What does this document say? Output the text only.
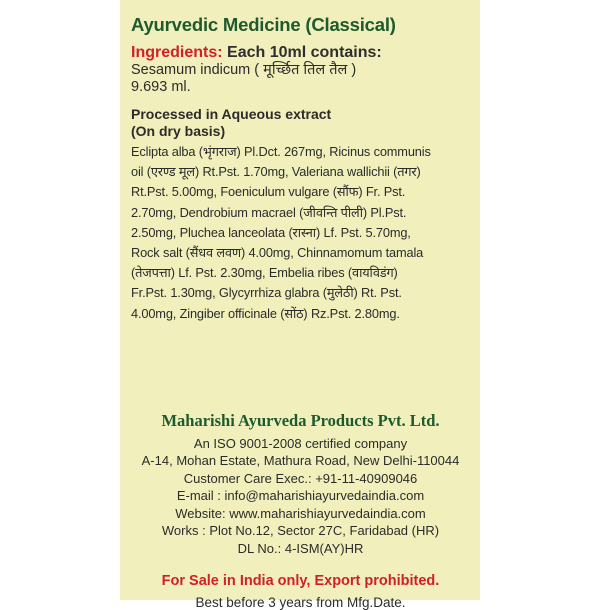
Ayurvedic Medicine (Classical)
Ingredients: Each 10ml contains:
Sesamum indicum ( मूर्च्छित तिल तैल )
9.693 ml.
Processed in Aqueous extract
(On dry basis)
Eclipta alba (भृंगराज) Pl.Dct. 267mg, Ricinus communis
oil (एरण्ड मूल) Rt.Pst. 1.70mg, Valeriana wallichii (तगर)
Rt.Pst. 5.00mg, Foeniculum vulgare (सौंफ) Fr. Pst.
2.70mg, Dendrobium macrael (जीवन्ति पीली) Pl.Pst.
2.50mg, Pluchea lanceolata (रास्ना) Lf. Pst. 5.70mg,
Rock salt (सैंधव लवण) 4.00mg, Chinnamomum tamala
(तेजपत्ता) Lf. Pst. 2.30mg, Embelia ribes (वायविडंग)
Fr.Pst. 1.30mg, Glycyrrhiza glabra (मुलेठी) Rt. Pst.
4.00mg, Zingiber officinale (सोंठ) Rz.Pst. 2.80mg.
Maharishi Ayurveda Products Pvt. Ltd.
An ISO 9001-2008 certified company
A-14, Mohan Estate, Mathura Road, New Delhi-110044
Customer Care Exec.: +91-11-40909046
E-mail : info@maharishiayurvedaindia.com
Website: www.maharishiayurvedaindia.com
Works : Plot No.12, Sector 27C, Faridabad (HR)
DL No.: 4-ISM(AY)HR
For Sale in India only, Export prohibited.
Best before 3 years from Mfg.Date.
